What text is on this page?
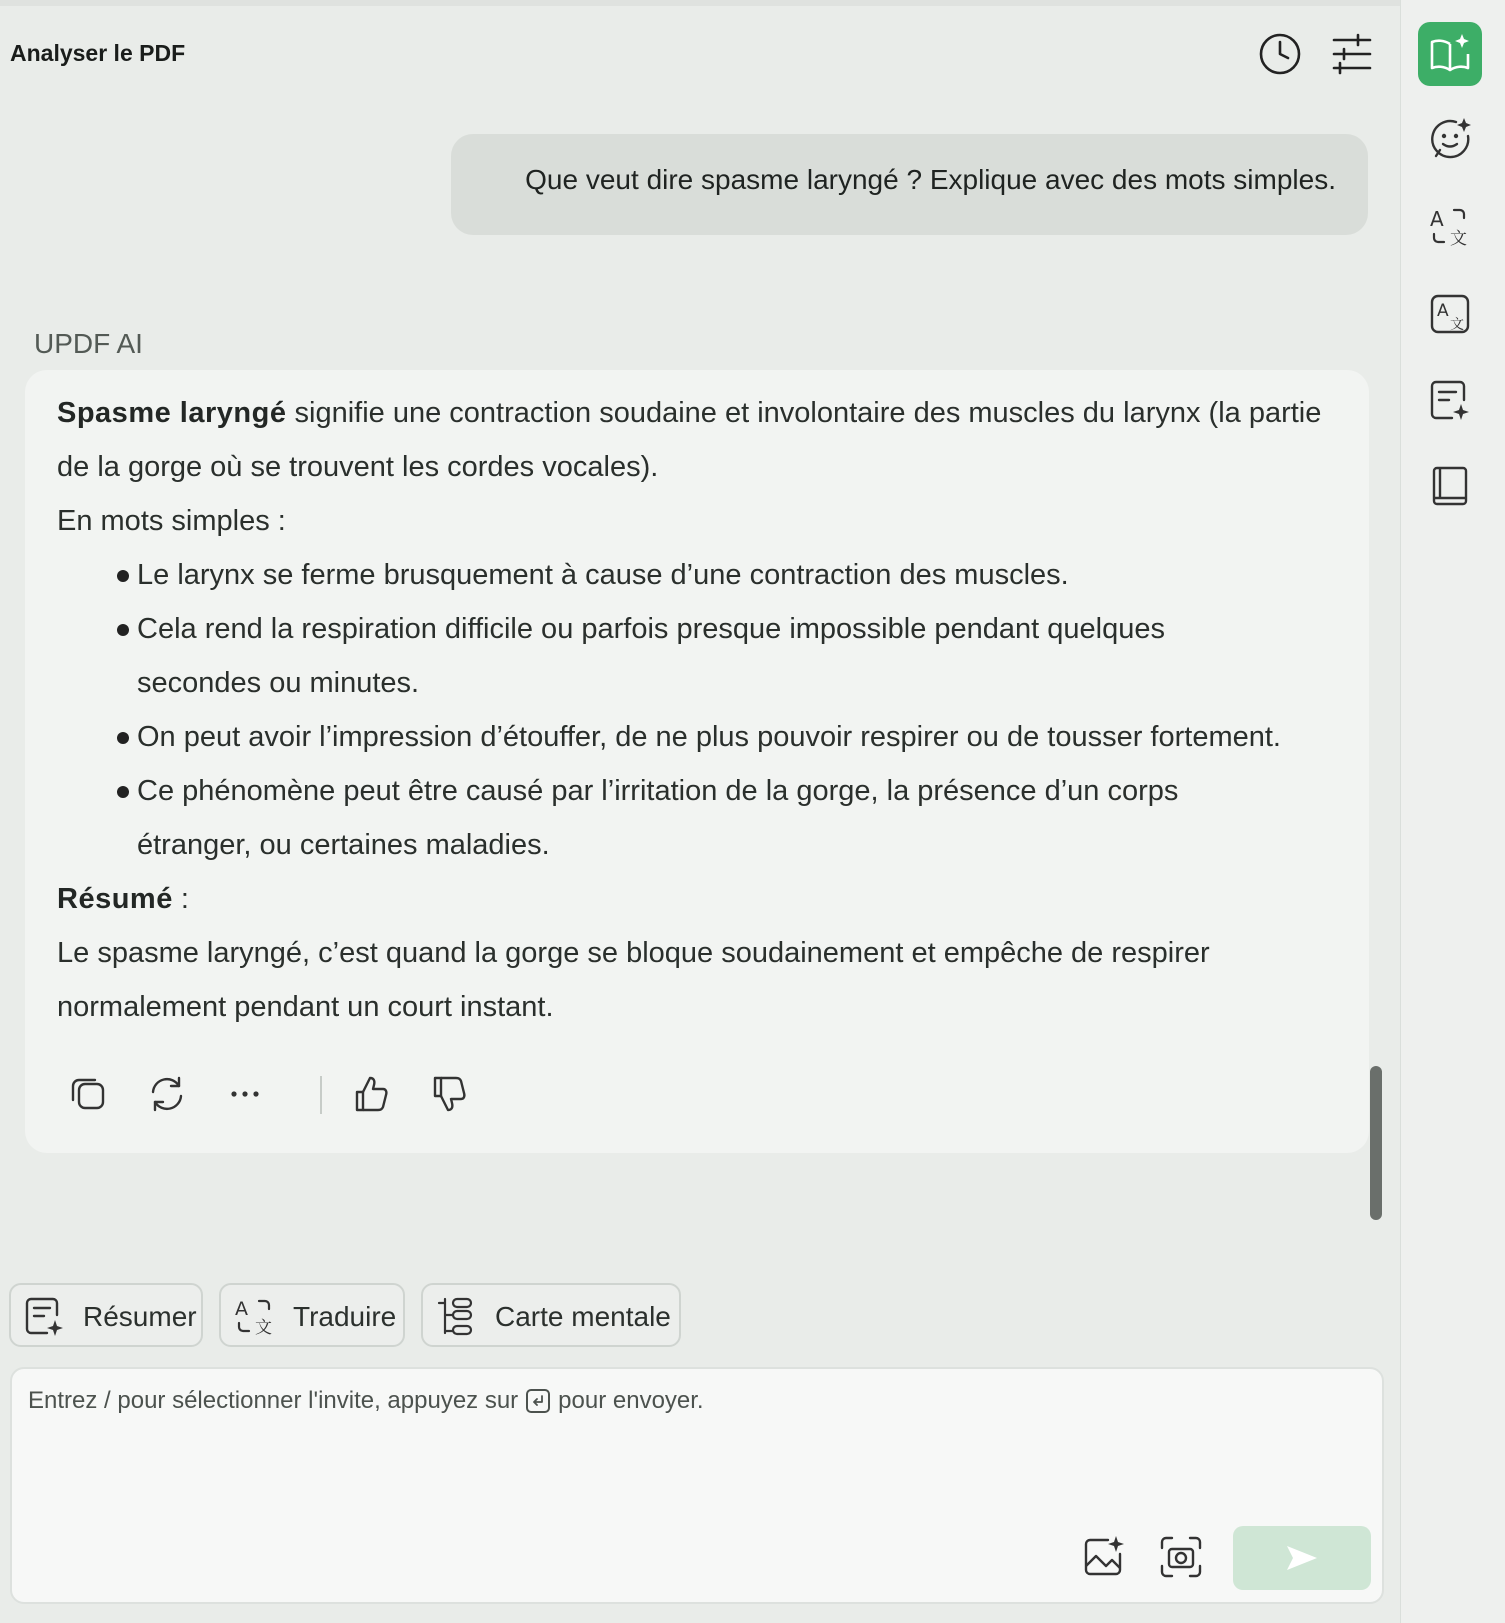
Analyser le PDF
Que veut dire spasme laryngé ? Explique avec des mots simples.
UPDF AI

Spasme laryngé signifie une contraction soudaine et involontaire des muscles du larynx (la partie de la gorge où se trouvent les cordes vocales).

En mots simples :

Le larynx se ferme brusquement à cause d’une contraction des muscles.
Cela rend la respiration difficile ou parfois presque impossible pendant quelques secondes ou minutes.
On peut avoir l’impression d’étouffer, de ne plus pouvoir respirer ou de tousser fortement.
Ce phénomène peut être causé par l’irritation de la gorge, la présence d’un corps étranger, ou certaines maladies.

Résumé :

Le spasme laryngé, c’est quand la gorge se bloque soudainement et empêche de respirer normalement pendant un court instant.

Résumer A
文 Traduire	Carte mentale
Entrez / pour sélectionner l'invite, appuyez sur pour envoyer.
A
文
A
文
